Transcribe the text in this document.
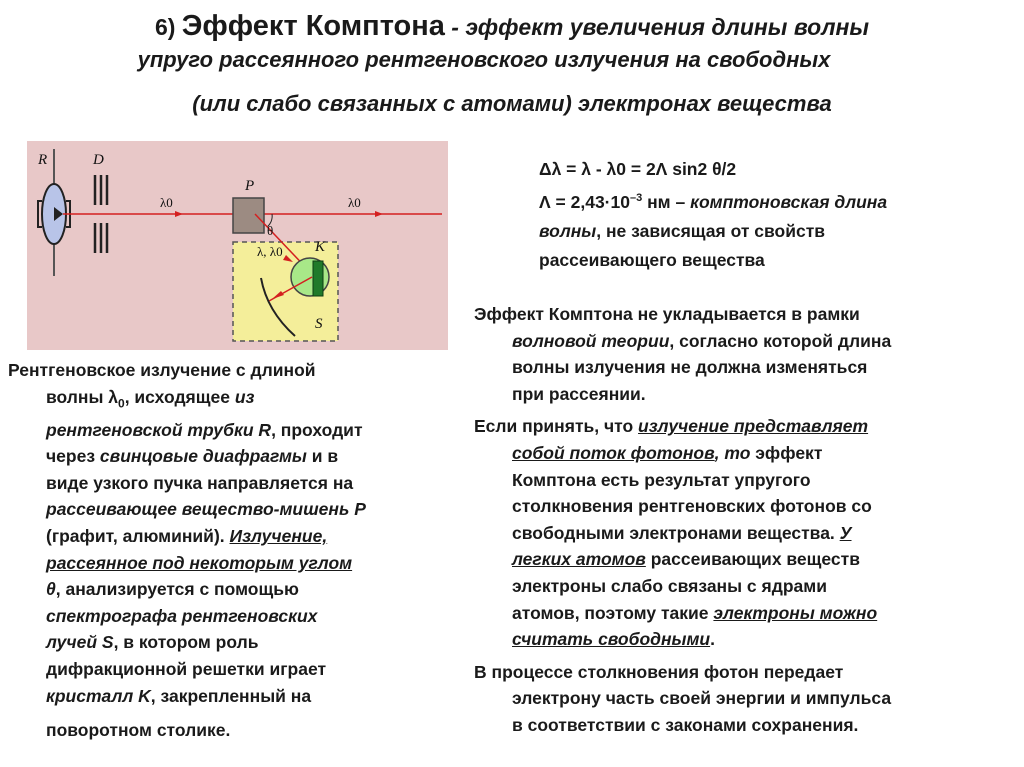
6) Эффект Комптона - эффект увеличения длины волны
упруго рассеянного рентгеновского излучения на свободных
(или слабо связанных с атомами) электронах вещества
R	D
P
K
S
λ0	λ0
θ
λ, λ0

Δλ = λ - λ0 = 2Λ sin2 θ/2

$\Lambda = 2,43\cdot 10^{-3}$ нм – комптоновская длина

волны, не зависящая от свойств

рассеивающего вещества

Рентгеновское излучение с длиной

волны $\lambda_0$, исходящее из

рентгеновской трубки R, проходит

через свинцовые диафрагмы и в

виде узкого пучка направляется на

рассеивающее вещество-мишень P

(графит, алюминий). Излучение,

рассеянное под некоторым углом

θ, анализируется с помощью

спектрографа рентгеновских

лучей S, в котором роль

дифракционной решетки играет

кристалл K, закрепленный на

поворотном столике.

Эффект Комптона не укладывается в рамки

волновой теории, согласно которой длина

волны излучения не должна изменяться

при рассеянии.

Если принять, что излучение представляет

собой поток фотонов, то эффект

Комптона есть результат упругого

столкновения рентгеновских фотонов со

свободными электронами вещества. У

легких атомов рассеивающих веществ

электроны слабо связаны с ядрами

атомов, поэтому такие электроны можно

считать свободными.

В процессе столкновения фотон передает

электрону часть своей энергии и импульса

в соответствии с законами сохранения.
